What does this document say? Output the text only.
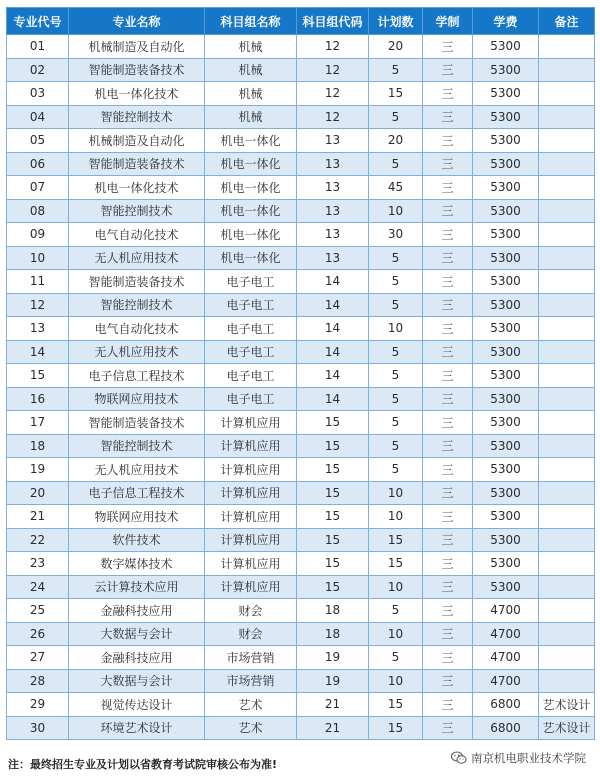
专业代号	专业名称	科目组名称	科目组代码	计划数	学制	学费	备注
01	机械制造及自动化	机械	12	20	三	5300	
02	智能制造装备技术	机械	12	5	三	5300	
03	机电一体化技术	机械	12	15	三	5300	
04	智能控制技术	机械	12	5	三	5300	
05	机械制造及自动化	机电一体化	13	20	三	5300	
06	智能制造装备技术	机电一体化	13	5	三	5300	
07	机电一体化技术	机电一体化	13	45	三	5300	
08	智能控制技术	机电一体化	13	10	三	5300	
09	电气自动化技术	机电一体化	13	30	三	5300	
10	无人机应用技术	机电一体化	13	5	三	5300	
11	智能制造装备技术	电子电工	14	5	三	5300	
12	智能控制技术	电子电工	14	5	三	5300	
13	电气自动化技术	电子电工	14	10	三	5300	
14	无人机应用技术	电子电工	14	5	三	5300	
15	电子信息工程技术	电子电工	14	5	三	5300	
16	物联网应用技术	电子电工	14	5	三	5300	
17	智能制造装备技术	计算机应用	15	5	三	5300	
18	智能控制技术	计算机应用	15	5	三	5300	
19	无人机应用技术	计算机应用	15	5	三	5300	
20	电子信息工程技术	计算机应用	15	10	三	5300	
21	物联网应用技术	计算机应用	15	10	三	5300	
22	软件技术	计算机应用	15	15	三	5300	
23	数字媒体技术	计算机应用	15	15	三	5300	
24	云计算技术应用	计算机应用	15	10	三	5300	
25	金融科技应用	财会	18	5	三	4700	
26	大数据与会计	财会	18	10	三	4700	
27	金融科技应用	市场营销	19	5	三	4700	
28	大数据与会计	市场营销	19	10	三	4700	
29	视觉传达设计	艺术	21	15	三	6800	艺术设计
30	环境艺术设计	艺术	21	15	三	6800	艺术设计
注：最终招生专业及计划以省教育考试院审核公布为准!	南京机电职业技术学院
